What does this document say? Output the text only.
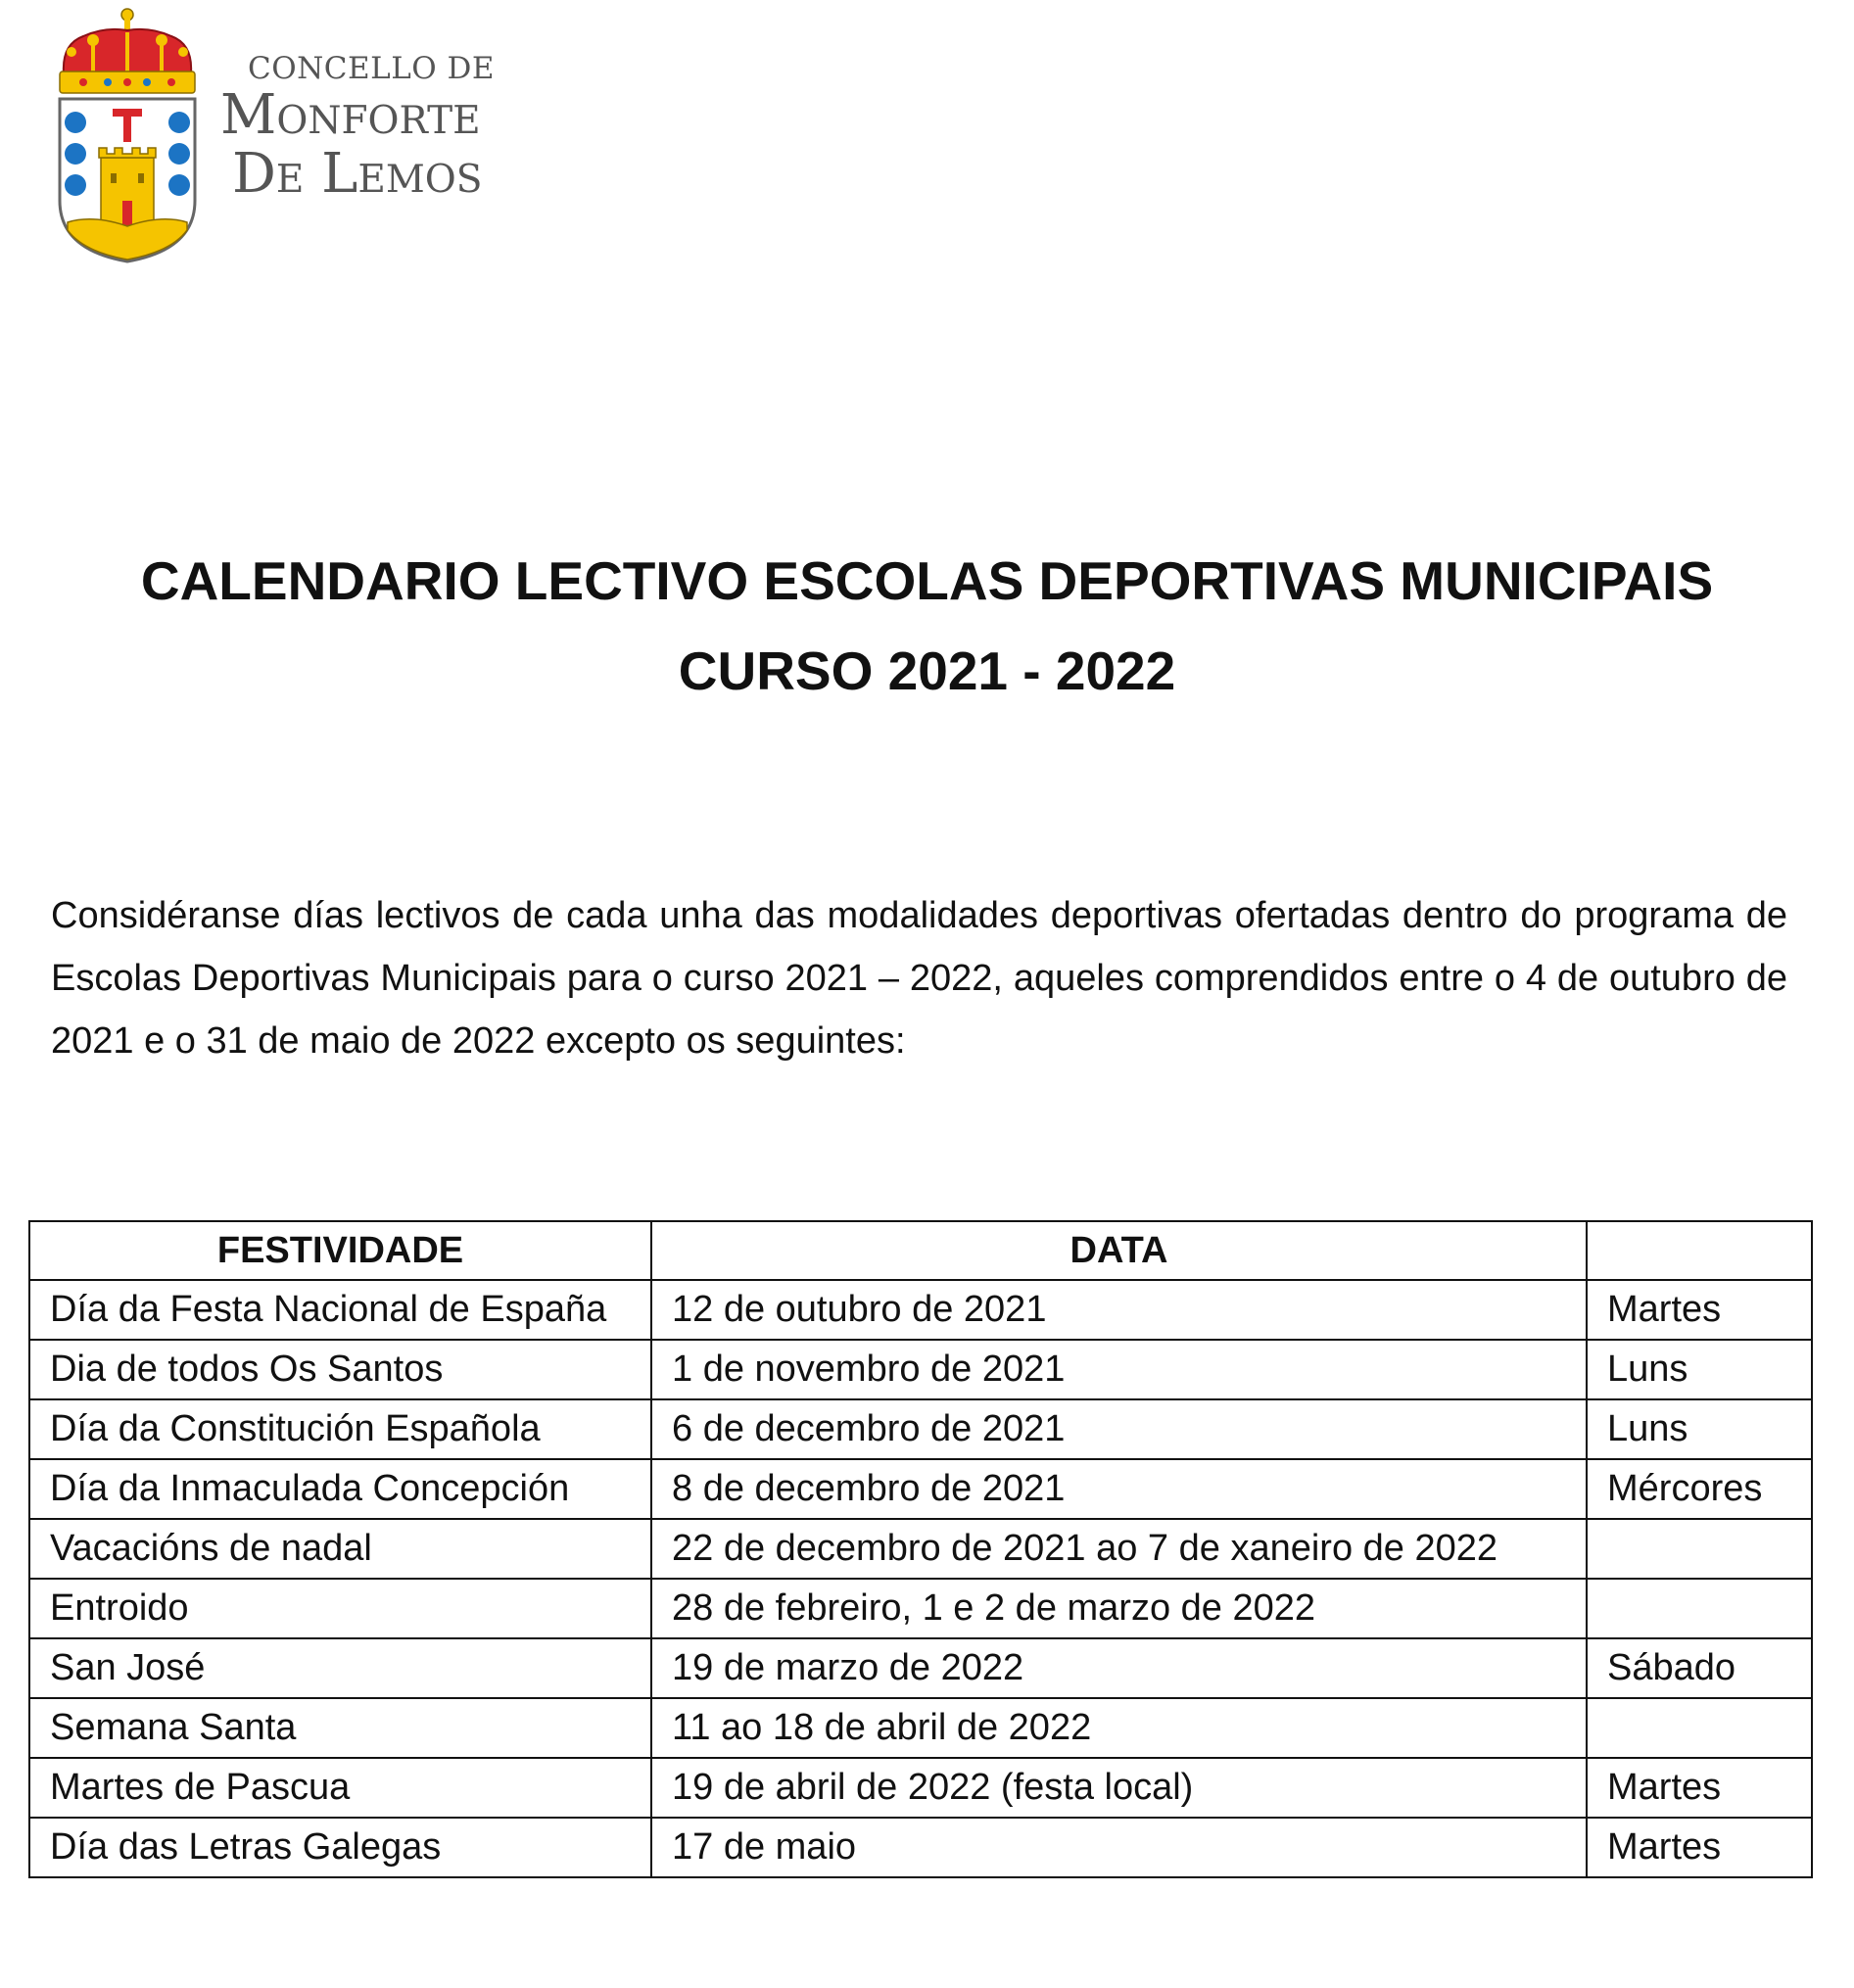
CONCELLO DE
Monforte
De Lemos
CALENDARIO LECTIVO ESCOLAS DEPORTIVAS MUNICIPAIS
CURSO 2021 - 2022

Considéranse días lectivos de cada unha das modalidades deportivas ofertadas dentro do programa de Escolas Deportivas Municipais para o curso 2021 – 2022, aqueles comprendidos entre o 4 de outubro de 2021 e o 31 de maio de 2022 excepto os seguintes:

FESTIVIDADE	DATA	
Día da Festa Nacional de España	12 de outubro de 2021	Martes
Dia de todos Os Santos	1 de novembro de 2021	Luns
Día da Constitución Española	6 de decembro de 2021	Luns
Día da Inmaculada Concepción	8 de decembro de 2021	Mércores
Vacacións de nadal	22 de decembro de 2021 ao 7 de xaneiro de 2022	
Entroido	28 de febreiro, 1 e 2 de marzo de 2022	
San José	19 de marzo de 2022	Sábado
Semana Santa	11 ao 18 de abril de 2022	
Martes de Pascua	19 de abril de 2022 (festa local)	Martes
Día das Letras Galegas	17 de maio	Martes
